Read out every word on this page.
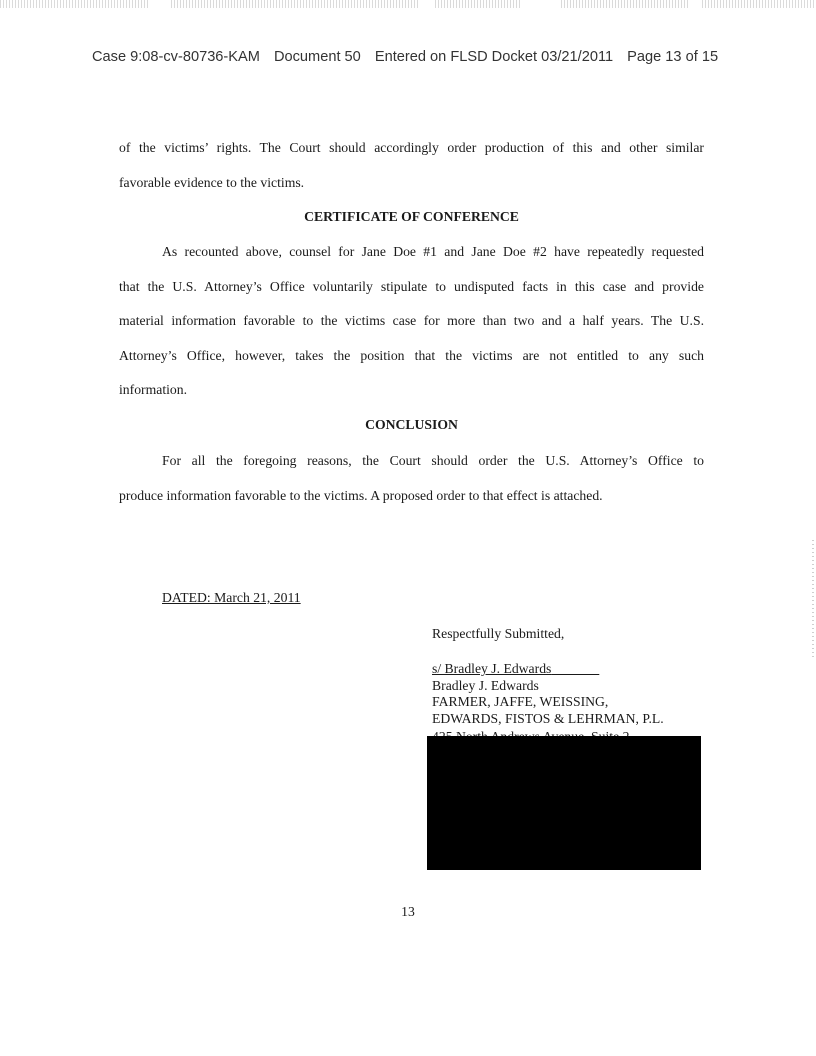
Case 9:08-cv-80736-KAM Document 50 Entered on FLSD Docket 03/21/2011 Page 13 of 15
of the victims’ rights. The Court should accordingly order production of this and other similar
favorable evidence to the victims.
CERTIFICATE OF CONFERENCE
As recounted above, counsel for Jane Doe #1 and Jane Doe #2 have repeatedly requested
that the U.S. Attorney’s Office voluntarily stipulate to undisputed facts in this case and provide
material information favorable to the victims case for more than two and a half years. The U.S.
Attorney’s Office, however, takes the position that the victims are not entitled to any such
information.
CONCLUSION
For all the foregoing reasons, the Court should order the U.S. Attorney’s Office to
produce information favorable to the victims. A proposed order to that effect is attached.
DATED: March 21, 2011
Respectfully Submitted,
s/ Bradley J. Edwards
Bradley J. Edwards
FARMER, JAFFE, WEISSING,
EDWARDS, FISTOS & LEHRMAN, P.L.
13
